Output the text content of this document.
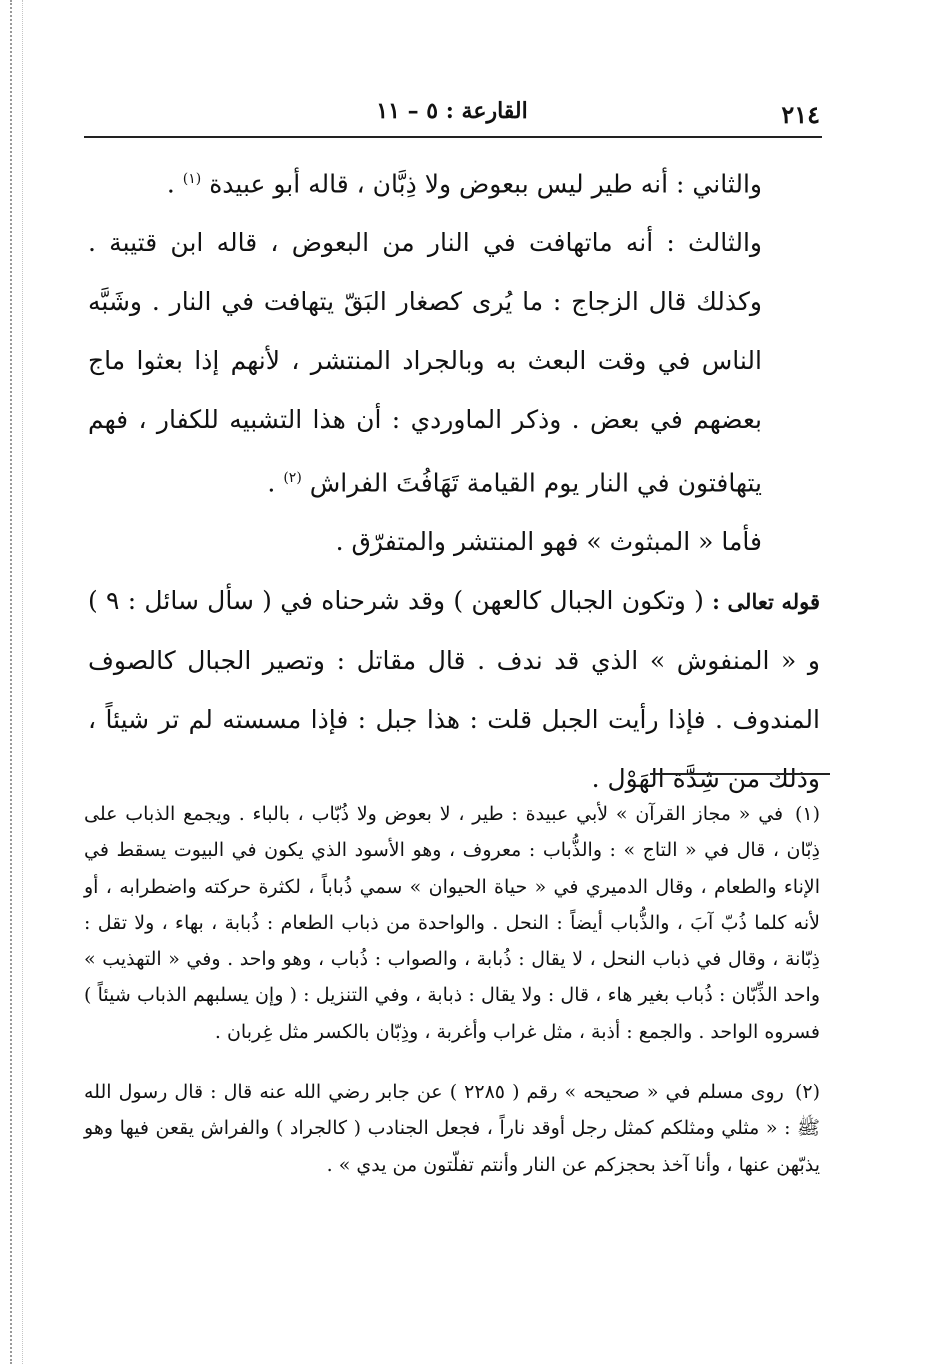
٢١٤
القارعة : ٥ – ١١

والثاني : أنه طير ليس ببعوض ولا ذِبَّان ، قاله أبو عبيدة $^{(١)}$ .

والثالث : أنه ماتهافت في النار من البعوض ، قاله ابن قتيبة . وكذلك قال الزجاج : ما يُرى كصغار البَقّ يتهافت في النار . وشَبَّه الناس في وقت البعث به وبالجراد المنتشر ، لأنهم إذا بعثوا ماج بعضهم في بعض . وذكر الماوردي : أن هذا التشبيه للكفار ، فهم يتهافتون في النار يوم القيامة تَهَافُتَ الفراش $^{(٢)}$ .

فأما « المبثوث » فهو المنتشر والمتفرّق .

قوله تعالى : ( وتكون الجبال كالعهن ) وقد شرحناه في ( سأل سائل : ٩ ) و « المنفوش » الذي قد ندف . قال مقاتل : وتصير الجبال كالصوف المندوف . فإذا رأيت الجبل قلت : هذا جبل : فإذا مسسته لم تر شيئاً ، وذلك من شِدَّة الهَوْل .

(١) في « مجاز القرآن » لأبي عبيدة : طير ، لا بعوض ولا ذُبّاب ، بالباء . ويجمع الذباب على ذِبّان ، قال في « التاج » : والذُّباب : معروف ، وهو الأسود الذي يكون في البيوت يسقط في الإناء والطعام ، وقال الدميري في « حياة الحيوان » سمي ذُباباً ، لكثرة حركته واضطرابه ، أو لأنه كلما ذُبّ آبَ ، والذُّباب أيضاً : النحل . والواحدة من ذباب الطعام : ذُبابة ، بهاء ، ولا تقل : ذِبّانة ، وقال في ذباب النحل ، لا يقال : ذُبابة ، والصواب : ذُباب ، وهو واحد . وفي « التهذيب » واحد الذِّبّان : ذُباب بغير هاء ، قال : ولا يقال : ذبابة ، وفي التنزيل : ( وإن يسلبهم الذباب شيئاً ) فسروه الواحد . والجمع : أذبة ، مثل غراب وأغربة ، وذِبّان بالكسر مثل غِربان .

(٢) روى مسلم في « صحيحه » رقم ( ٢٢٨٥ ) عن جابر رضي الله عنه قال : قال رسول الله ﷺ : « مثلي ومثلكم كمثل رجل أوقد ناراً ، فجعل الجنادب ( كالجراد ) والفراش يقعن فيها وهو يذبّهن عنها ، وأنا آخذ بحجزكم عن النار وأنتم تفلّتون من يدي » .
